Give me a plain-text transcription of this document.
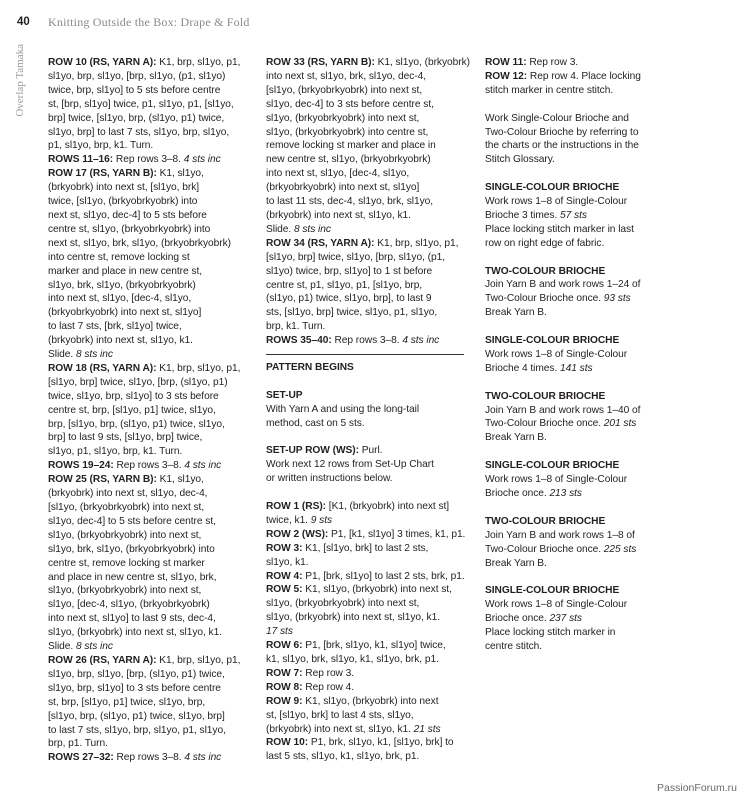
40 Knitting Outside the Box: Drape & Fold
Overlap Tamaka ROW 10 (RS, YARN A): K1, brp, sl1yo, p1,
sl1yo, brp, sl1yo, [brp, sl1yo, (p1, sl1yo)
twice, brp, sl1yo] to 5 sts before centre
st, [brp, sl1yo] twice, p1, sl1yo, p1, [sl1yo,
brp] twice, [sl1yo, brp, (sl1yo, p1) twice,
sl1yo, brp] to last 7 sts, sl1yo, brp, sl1yo,
p1, sl1yo, brp, k1. Turn.
ROWS 11–16: Rep rows 3–8. 4 sts inc
ROW 17 (RS, YARN B): K1, sl1yo,
(brkyobrk) into next st, [sl1yo, brk]
twice, [sl1yo, (brkyobrkyobrk) into
next st, sl1yo, dec-4] to 5 sts before
centre st, sl1yo, (brkyobrkyobrk) into
next st, sl1yo, brk, sl1yo, (brkyobrkyobrk)
into centre st, remove locking st
marker and place in new centre st,
sl1yo, brk, sl1yo, (brkyobrkyobrk)
into next st, sl1yo, [dec-4, sl1yo,
(brkyobrkyobrk) into next st, sl1yo]
to last 7 sts, [brk, sl1yo] twice,
(brkyobrk) into next st, sl1yo, k1.
Slide. 8 sts inc
ROW 18 (RS, YARN A): K1, brp, sl1yo, p1,
[sl1yo, brp] twice, sl1yo, [brp, (sl1yo, p1)
twice, sl1yo, brp, sl1yo] to 3 sts before
centre st, brp, [sl1yo, p1] twice, sl1yo,
brp, [sl1yo, brp, (sl1yo, p1) twice, sl1yo,
brp] to last 9 sts, [sl1yo, brp] twice,
sl1yo, p1, sl1yo, brp, k1. Turn.
ROWS 19–24: Rep rows 3–8. 4 sts inc
ROW 25 (RS, YARN B): K1, sl1yo,
(brkyobrk) into next st, sl1yo, dec-4,
[sl1yo, (brkyobrkyobrk) into next st,
sl1yo, dec-4] to 5 sts before centre st,
sl1yo, (brkyobrkyobrk) into next st,
sl1yo, brk, sl1yo, (brkyobrkyobrk) into
centre st, remove locking st marker
and place in new centre st, sl1yo, brk,
sl1yo, (brkyobrkyobrk) into next st,
sl1yo, [dec-4, sl1yo, (brkyobrkyobrk)
into next st, sl1yo] to last 9 sts, dec-4,
sl1yo, (brkyobrk) into next st, sl1yo, k1.
Slide. 8 sts inc
ROW 26 (RS, YARN A): K1, brp, sl1yo, p1,
sl1yo, brp, sl1yo, [brp, (sl1yo, p1) twice,
sl1yo, brp, sl1yo] to 3 sts before centre
st, brp, [sl1yo, p1] twice, sl1yo, brp,
[sl1yo, brp, (sl1yo, p1) twice, sl1yo, brp]
to last 7 sts, sl1yo, brp, sl1yo, p1, sl1yo,
brp, p1. Turn.
ROWS 27–32: Rep rows 3–8. 4 sts inc
ROW 33 (RS, YARN B): K1, sl1yo, (brkyobrk)
into next st, sl1yo, brk, sl1yo, dec-4,
[sl1yo, (brkyobrkyobrk) into next st,
sl1yo, dec-4] to 3 sts before centre st,
sl1yo, (brkyobrkyobrk) into next st,
sl1yo, (brkyobrkyobrk) into centre st,
remove locking st marker and place in
new centre st, sl1yo, (brkyobrkyobrk)
into next st, sl1yo, [dec-4, sl1yo,
(brkyobrkyobrk) into next st, sl1yo]
to last 11 sts, dec-4, sl1yo, brk, sl1yo,
(brkyobrk) into next st, sl1yo, k1.
Slide. 8 sts inc
ROW 34 (RS, YARN A): K1, brp, sl1yo, p1,
[sl1yo, brp] twice, sl1yo, [brp, sl1yo, (p1,
sl1yo) twice, brp, sl1yo] to 1 st before
centre st, p1, sl1yo, p1, [sl1yo, brp,
(sl1yo, p1) twice, sl1yo, brp], to last 9
sts, [sl1yo, brp] twice, sl1yo, p1, sl1yo,
brp, k1. Turn.
ROWS 35–40: Rep rows 3–8. 4 sts inc
PATTERN BEGINS
SET-UP
With Yarn A and using the long-tail
method, cast on 5 sts.
SET-UP ROW (WS): Purl.
Work next 12 rows from Set-Up Chart
or written instructions below.
ROW 1 (RS): [K1, (brkyobrk) into next st]
twice, k1. 9 sts
ROW 2 (WS): P1, [k1, sl1yo] 3 times, k1, p1.
ROW 3: K1, [sl1yo, brk] to last 2 sts,
sl1yo, k1.
ROW 4: P1, [brk, sl1yo] to last 2 sts, brk, p1.
ROW 5: K1, sl1yo, (brkyobrk) into next st,
sl1yo, (brkyobrkyobrk) into next st,
sl1yo, (brkyobrk) into next st, sl1yo, k1.
17 sts
ROW 6: P1, [brk, sl1yo, k1, sl1yo] twice,
k1, sl1yo, brk, sl1yo, k1, sl1yo, brk, p1.
ROW 7: Rep row 3.
ROW 8: Rep row 4.
ROW 9: K1, sl1yo, (brkyobrk) into next
st, [sl1yo, brk] to last 4 sts, sl1yo,
(brkyobrk) into next st, sl1yo, k1. 21 sts
ROW 10: P1, brk, sl1yo, k1, [sl1yo, brk] to
last 5 sts, sl1yo, k1, sl1yo, brk, p1.
ROW 11: Rep row 3.
ROW 12: Rep row 4. Place locking
stitch marker in centre stitch.
Work Single-Colour Brioche and
Two-Colour Brioche by referring to
the charts or the instructions in the
Stitch Glossary.
SINGLE-COLOUR BRIOCHE
Work rows 1–8 of Single-Colour
Brioche 3 times. 57 sts
Place locking stitch marker in last
row on right edge of fabric.
TWO-COLOUR BRIOCHE
Join Yarn B and work rows 1–24 of
Two-Colour Brioche once. 93 sts
Break Yarn B.
SINGLE-COLOUR BRIOCHE
Work rows 1–8 of Single-Colour
Brioche 4 times. 141 sts
TWO-COLOUR BRIOCHE
Join Yarn B and work rows 1–40 of
Two-Colour Brioche once. 201 sts
Break Yarn B.
SINGLE-COLOUR BRIOCHE
Work rows 1–8 of Single-Colour
Brioche once. 213 sts
TWO-COLOUR BRIOCHE
Join Yarn B and work rows 1–8 of
Two-Colour Brioche once. 225 sts
Break Yarn B.
SINGLE-COLOUR BRIOCHE
Work rows 1–8 of Single-Colour
Brioche once. 237 sts
Place locking stitch marker in
centre stitch.
PassionForum.ru
